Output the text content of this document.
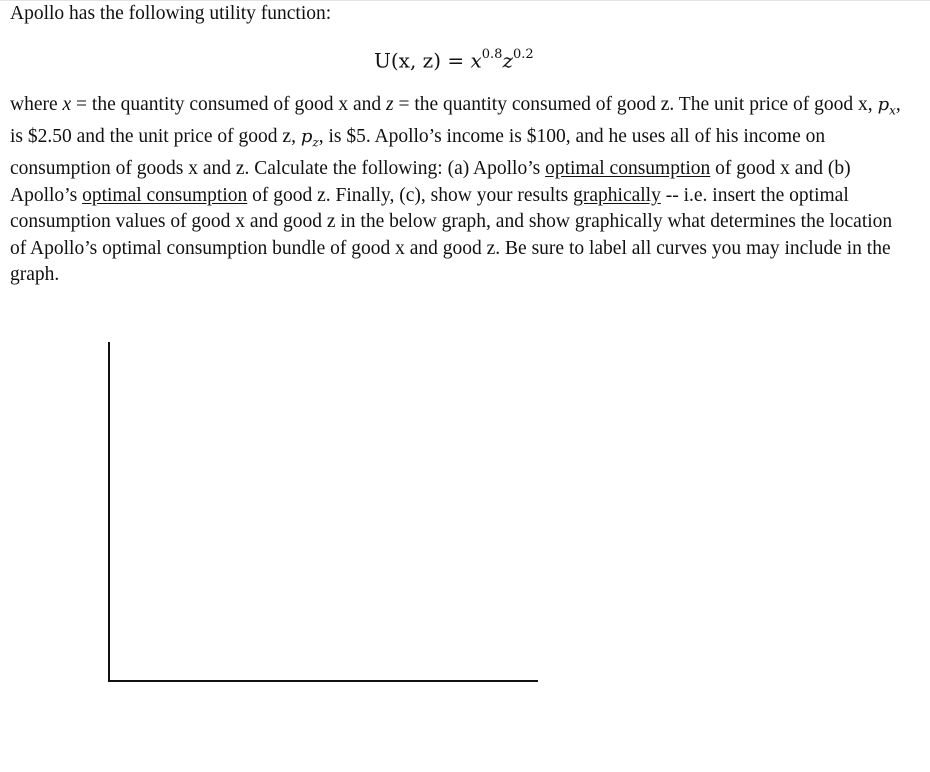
Apollo has the following utility function:
U(x, $z) = x^{0.8}z^{0.2}$

where x = the quantity consumed of good x and z = the quantity consumed of good z. The unit price of good x, $p_x$, is $2.50 and the unit price of good z, $p_z$, is $5. Apollo’s income is $100, and he uses all of his income on consumption of goods x and z. Calculate the following: (a) Apollo’s optimal consumption of good x and (b) Apollo’s optimal consumption of good z. Finally, (c), show your results graphically -- i.e. insert the optimal consumption values of good x and good z in the below graph, and show graphically what determines the location of Apollo’s optimal consumption bundle of good x and good z. Be sure to label all curves you may include in the graph.
